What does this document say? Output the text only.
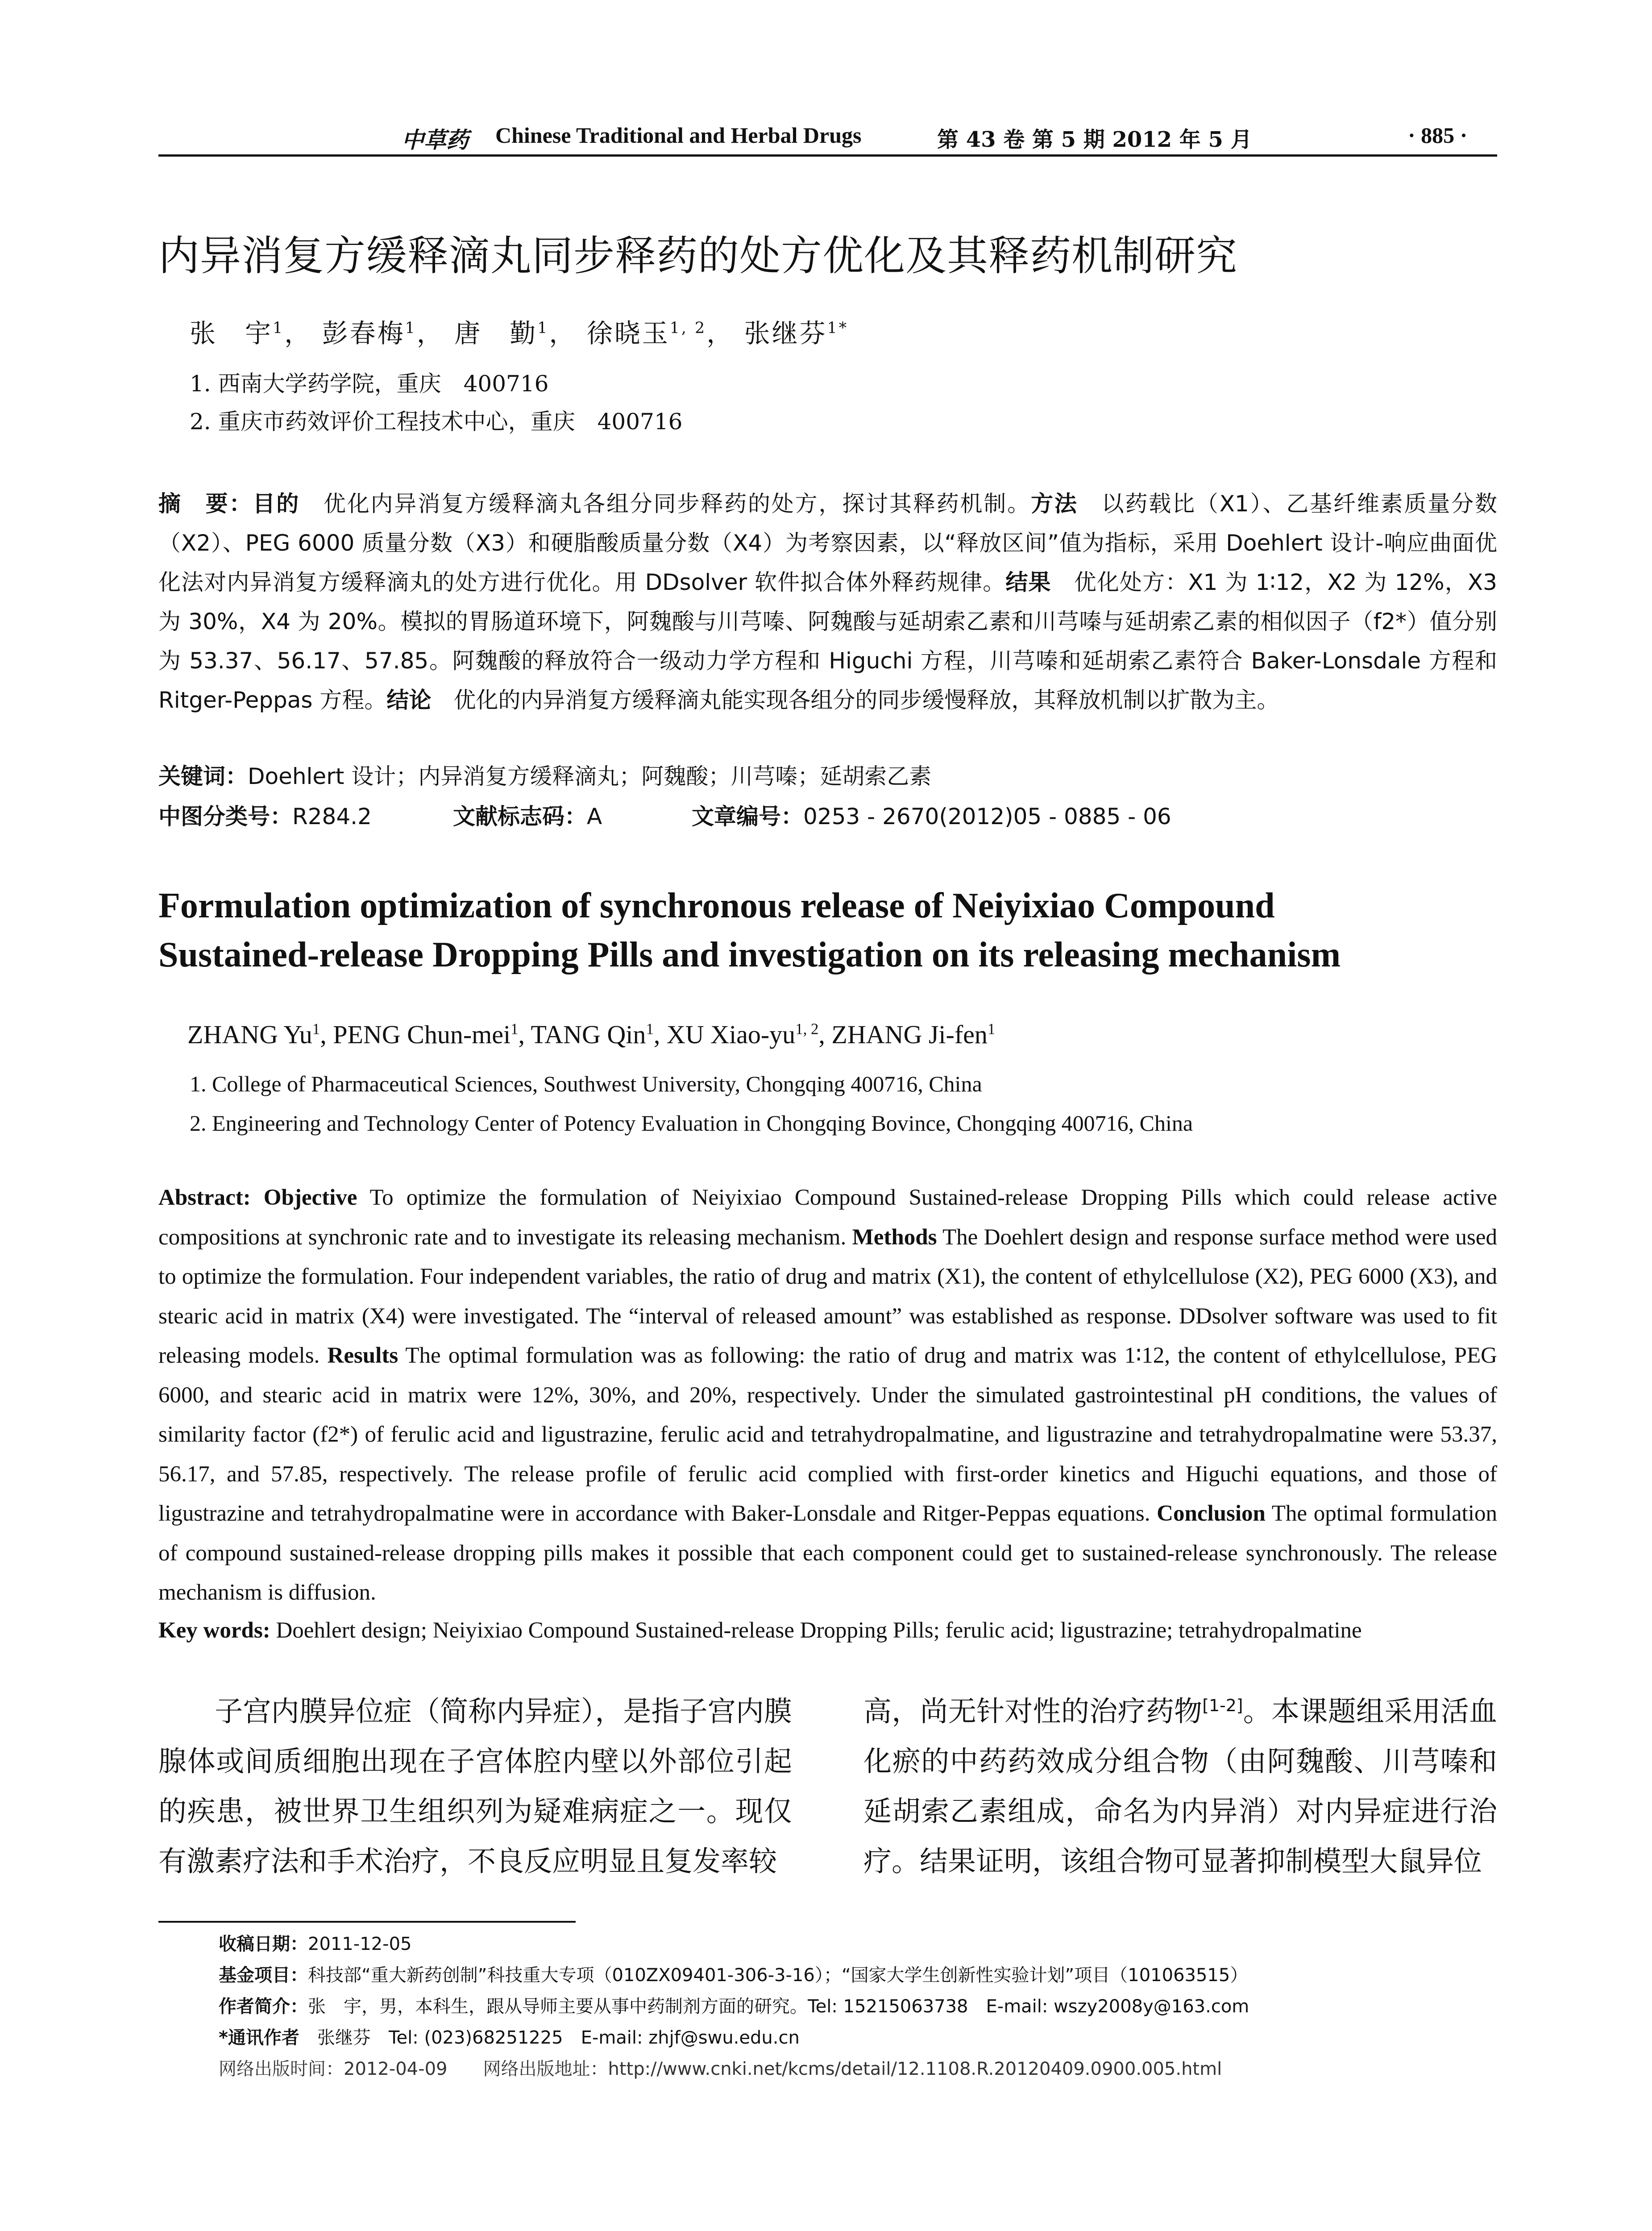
中草药 Chinese Traditional and Herbal Drugs	第 43 卷 第 5 期 2012 年 5 月	· 885 ·
内异消复方缓释滴丸同步释药的处方优化及其释药机制研究
张　宇$^1$， 彭春梅$^1$， 唐　勤$^1$， 徐晓玉$^{1, 2}$， 张继芬$^{1*}$
1. 西南大学药学院，重庆　400716
2. 重庆市药效评价工程技术中心，重庆　400716
摘　要：目的　优化内异消复方缓释滴丸各组分同步释药的处方，探讨其释药机制。方法　以药载比（X1）、乙基纤维素质量分数（X2）、PEG 6000 质量分数（X3）和硬脂酸质量分数（X4）为考察因素，以“释放区间”值为指标，采用 Doehlert 设计-响应曲面优化法对内异消复方缓释滴丸的处方进行优化。用 DDsolver 软件拟合体外释药规律。结果　优化处方：X1 为 1∶12，X2 为 12%，X3 为 30%，X4 为 20%。模拟的胃肠道环境下，阿魏酸与川芎嗪、阿魏酸与延胡索乙素和川芎嗪与延胡索乙素的相似因子（f2*）值分别为 53.37、56.17、57.85。阿魏酸的释放符合一级动力学方程和 Higuchi 方程，川芎嗪和延胡索乙素符合 Baker-Lonsdale 方程和 Ritger-Peppas 方程。结论　优化的内异消复方缓释滴丸能实现各组分的同步缓慢释放，其释放机制以扩散为主。
关键词：Doehlert 设计；内异消复方缓释滴丸；阿魏酸；川芎嗪；延胡索乙素
中图分类号：R284.2	文献标志码：A	文章编号：0253 - 2670(2012)05 - 0885 - 06
Formulation optimization of synchronous release of Neiyixiao Compound
Sustained-release Dropping Pills and investigation on its releasing mechanism
ZHANG Yu$^1$, PENG Chun-mei$^1$, TANG Qin$^1$, XU Xiao-yu$^{1, 2}$, ZHANG Ji-fen$^1$
1. College of Pharmaceutical Sciences, Southwest University, Chongqing 400716, China
2. Engineering and Technology Center of Potency Evaluation in Chongqing Bovince, Chongqing 400716, China
Abstract: Objective To optimize the formulation of Neiyixiao Compound Sustained-release Dropping Pills which could release active compositions at synchronic rate and to investigate its releasing mechanism. Methods The Doehlert design and response surface method were used to optimize the formulation. Four independent variables, the ratio of drug and matrix (X1), the content of ethylcellulose (X2), PEG 6000 (X3), and stearic acid in matrix (X4) were investigated. The “interval of released amount” was established as response. DDsolver software was used to fit releasing models. Results The optimal formulation was as following: the ratio of drug and matrix was 1∶12, the content of ethylcellulose, PEG 6000, and stearic acid in matrix were 12%, 30%, and 20%, respectively. Under the simulated gastrointestinal pH conditions, the values of similarity factor (f2*) of ferulic acid and ligustrazine, ferulic acid and tetrahydropalmatine, and ligustrazine and tetrahydropalmatine were 53.37, 56.17, and 57.85, respectively. The release profile of ferulic acid complied with first-order kinetics and Higuchi equations, and those of ligustrazine and tetrahydropalmatine were in accordance with Baker-Lonsdale and Ritger-Peppas equations. Conclusion The optimal formulation of compound sustained-release dropping pills makes it possible that each component could get to sustained-release synchronously. The release mechanism is diffusion.
Key words: Doehlert design; Neiyixiao Compound Sustained-release Dropping Pills; ferulic acid; ligustrazine; tetrahydropalmatine
　　子宫内膜异位症（简称内异症），是指子宫内膜腺体或间质细胞出现在子宫体腔内壁以外部位引起的疾患，被世界卫生组织列为疑难病症之一。现仅有激素疗法和手术治疗，不良反应明显且复发率较
高，尚无针对性的治疗药物[1-2]。本课题组采用活血化瘀的中药药效成分组合物（由阿魏酸、川芎嗪和延胡索乙素组成，命名为内异消）对内异症进行治疗。结果证明，该组合物可显著抑制模型大鼠异位
收稿日期：2011-12-05
基金项目：科技部“重大新药创制”科技重大专项（010ZX09401-306-3-16）；“国家大学生创新性实验计划”项目（101063515）
作者简介：张　宇，男，本科生，跟从导师主要从事中药制剂方面的研究。Tel: 15215063738　E-mail: wszy2008y@163.com
*通讯作者　张继芬　Tel: (023)68251225　E-mail: zhjf@swu.edu.cn
网络出版时间：2012-04-09 网络出版地址：http://www.cnki.net/kcms/detail/12.1108.R.20120409.0900.005.html
